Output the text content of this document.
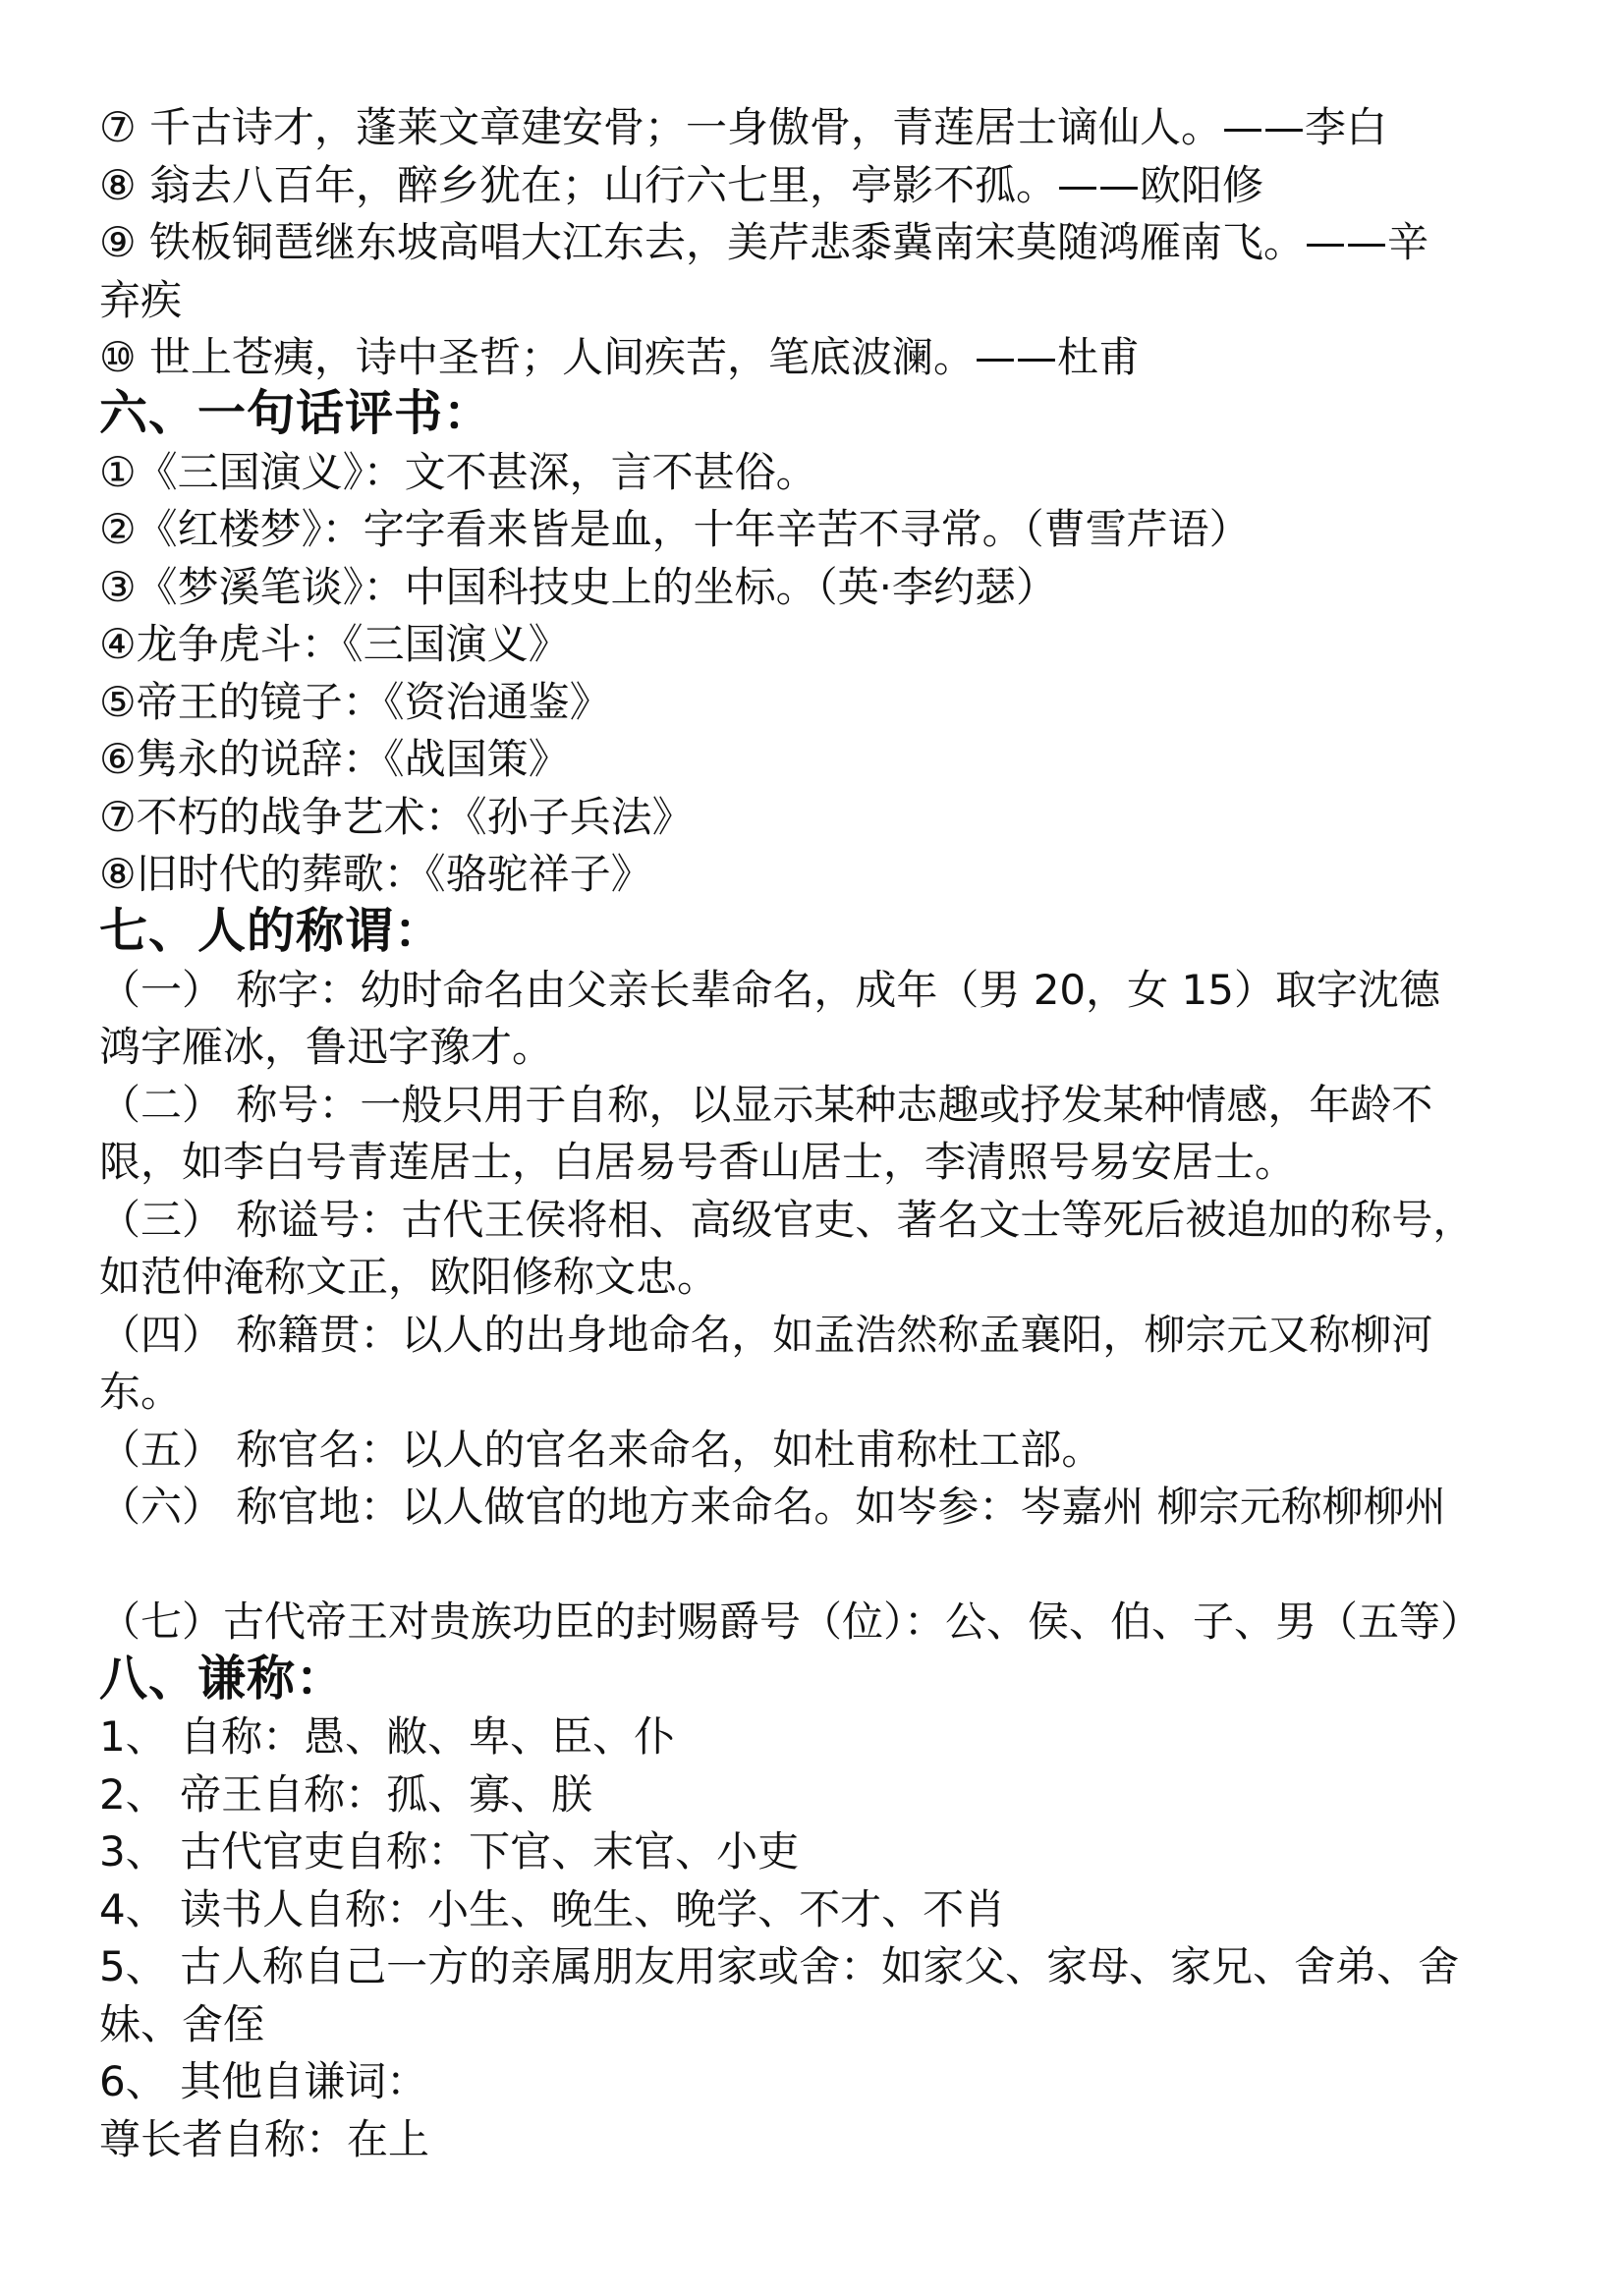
⑦ 千古诗才，蓬莱文章建安骨；一身傲骨，青莲居士谪仙人。——李白
⑧ 翁去八百年，醉乡犹在；山行六七里，亭影不孤。——欧阳修
⑨ 铁板铜琶继东坡高唱大江东去，美芹悲黍冀南宋莫随鸿雁南飞。——辛
弃疾
⑩ 世上苍痍，诗中圣哲；人间疾苦，笔底波澜。——杜甫
六、一句话评书：
①《三国演义》：文不甚深，言不甚俗。
②《红楼梦》：字字看来皆是血，十年辛苦不寻常。（曹雪芹语）
③《梦溪笔谈》：中国科技史上的坐标。（英·李约瑟）
④龙争虎斗：《三国演义》
⑤帝王的镜子：《资治通鉴》
⑥隽永的说辞：《战国策》
⑦不朽的战争艺术：《孙子兵法》
⑧旧时代的葬歌：《骆驼祥子》
七、人的称谓：
（一） 称字：幼时命名由父亲长辈命名，成年（男 20，女 15）取字沈德
鸿字雁冰，鲁迅字豫才。
（二） 称号：一般只用于自称，以显示某种志趣或抒发某种情感，年龄不
限，如李白号青莲居士，白居易号香山居士，李清照号易安居士。
（三） 称谥号：古代王侯将相、高级官吏、著名文士等死后被追加的称号，
如范仲淹称文正，欧阳修称文忠。
（四） 称籍贯：以人的出身地命名，如孟浩然称孟襄阳，柳宗元又称柳河
东。
（五） 称官名：以人的官名来命名，如杜甫称杜工部。
（六） 称官地：以人做官的地方来命名。如岑参：岑嘉州 柳宗元称柳柳州
（七）古代帝王对贵族功臣的封赐爵号（位）：公、侯、伯、子、男（五等）
八、谦称：
1、 自称：愚、敝、卑、臣、仆
2、 帝王自称：孤、寡、朕
3、 古代官吏自称：下官、末官、小吏
4、 读书人自称：小生、晚生、晚学、不才、不肖
5、 古人称自己一方的亲属朋友用家或舍：如家父、家母、家兄、舍弟、舍
妹、舍侄
6、 其他自谦词：
尊长者自称：在上
